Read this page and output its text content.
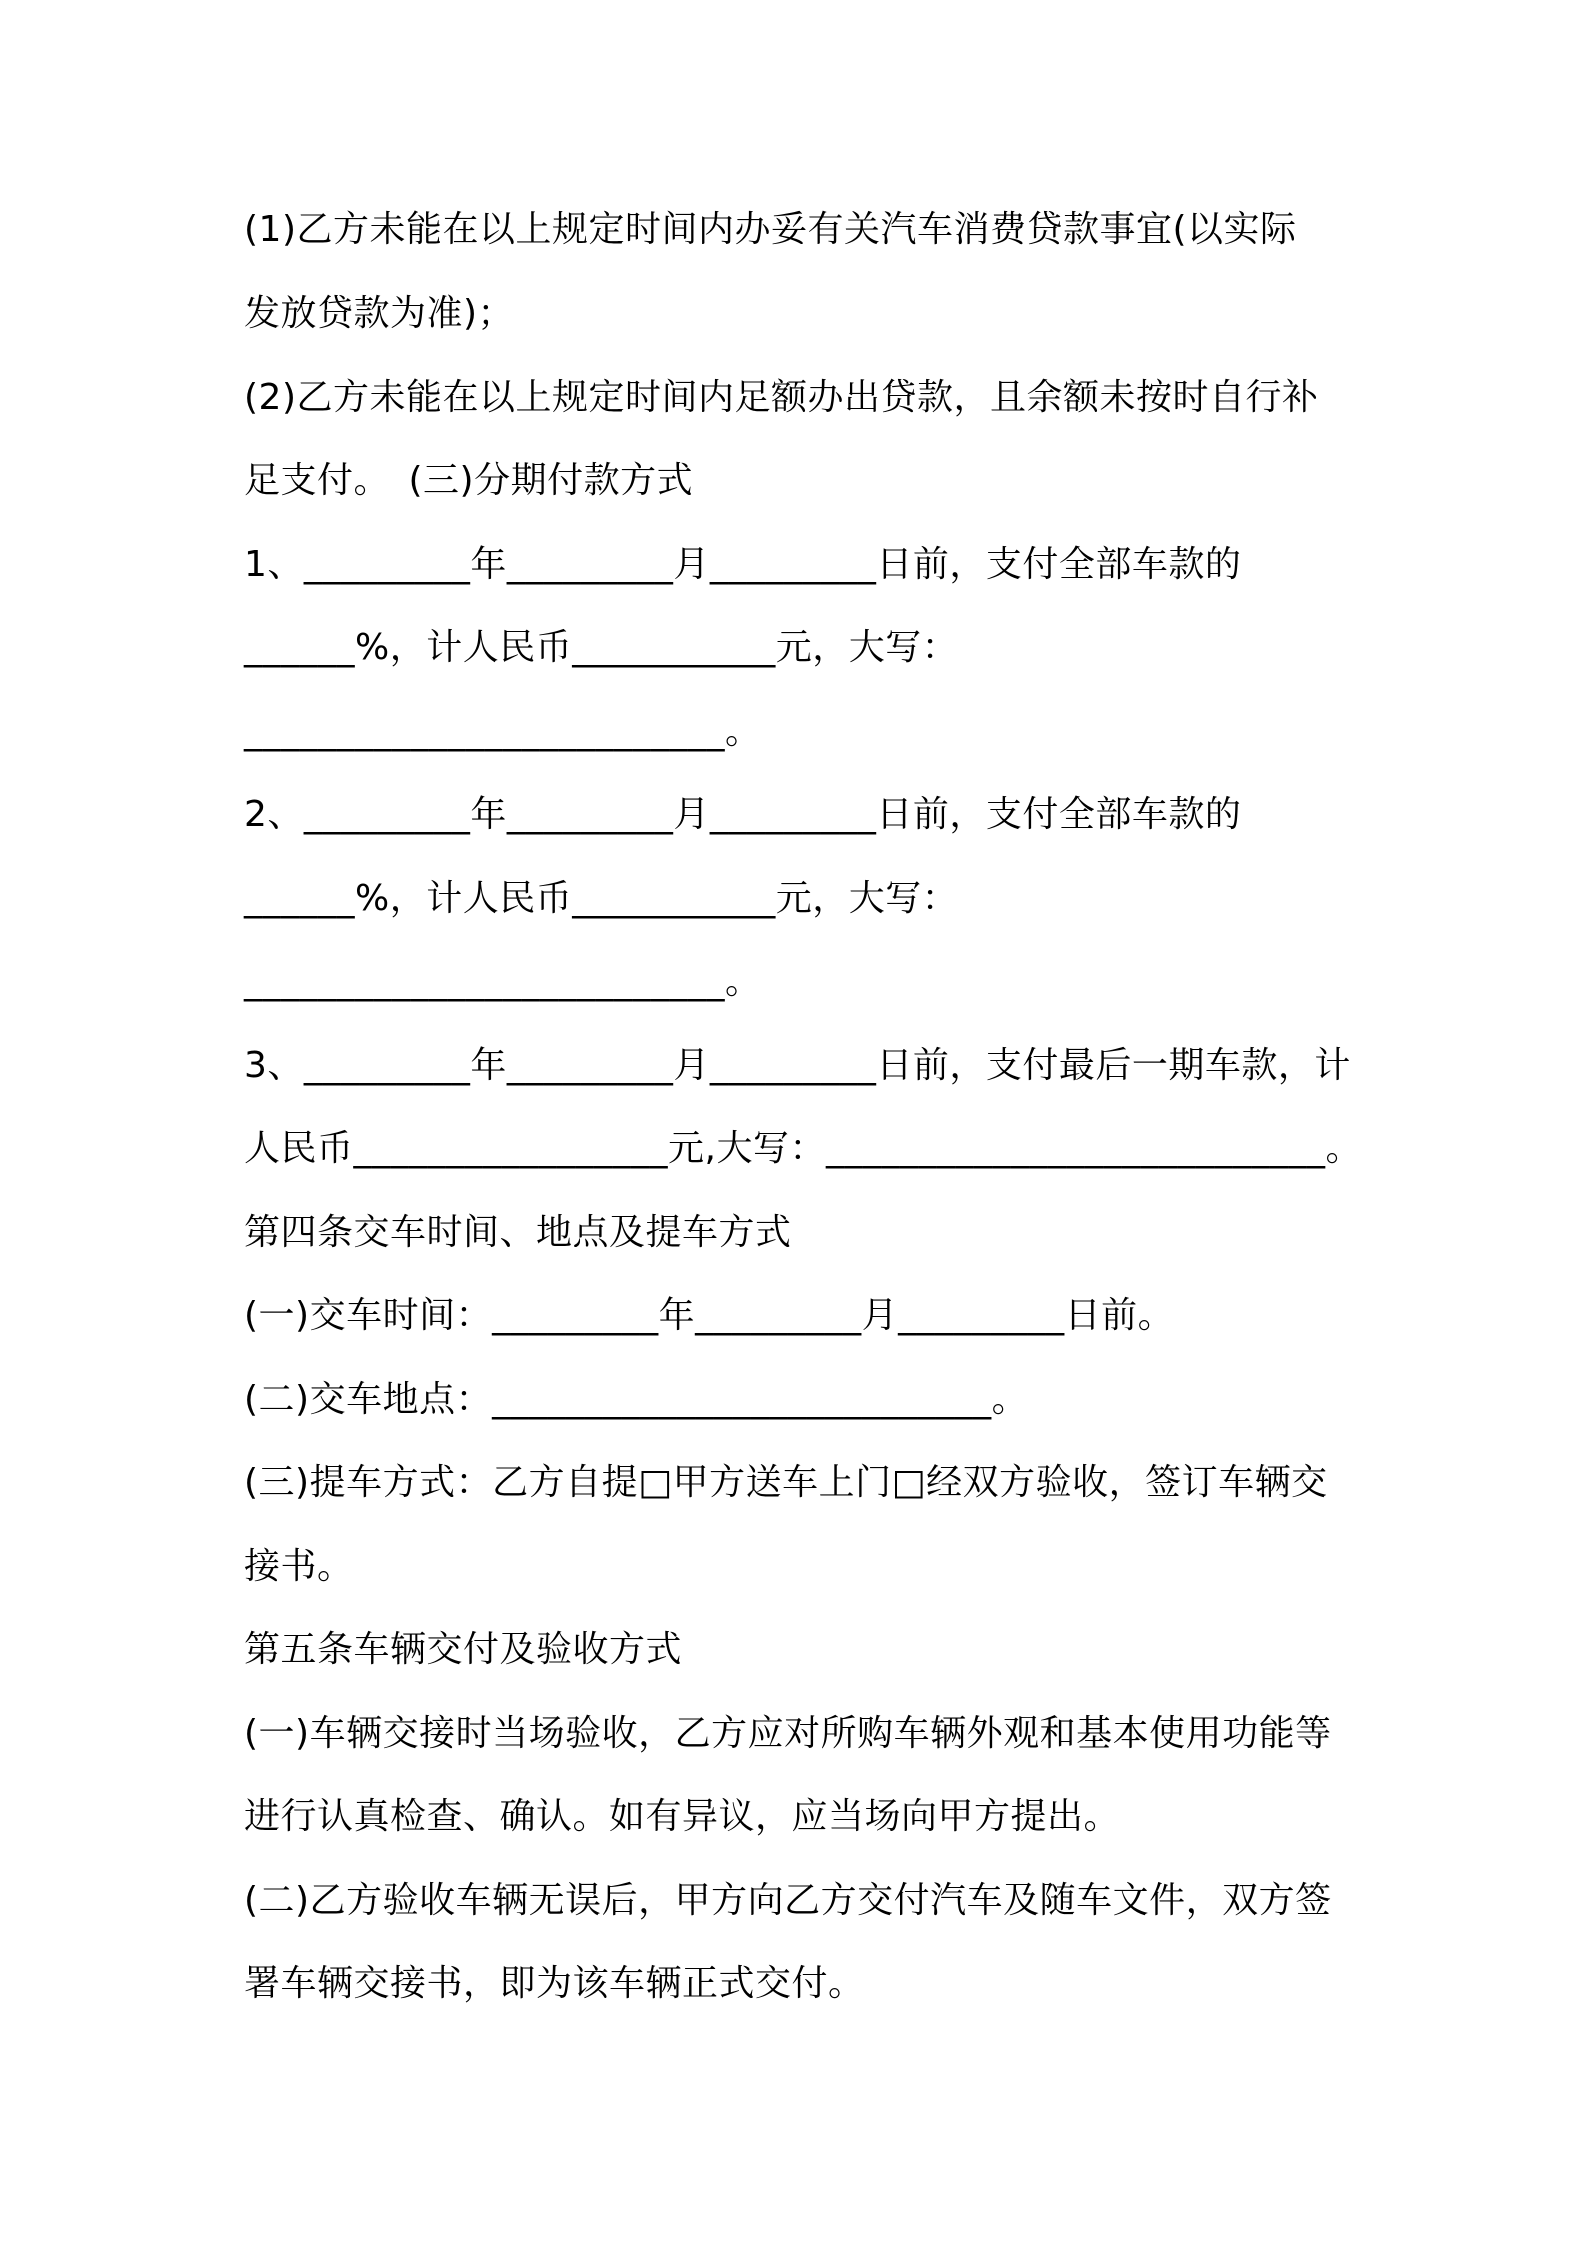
(1)乙方未能在以上规定时间内办妥有关汽车消费贷款事宜(以实际
发放贷款为准)；
(2)乙方未能在以上规定时间内足额办出贷款，且余额未按时自行补
足支付。　(三)分期付款方式
1、_________年_________月_________日前，支付全部车款的
______%，计人民币___________元，大写：
__________________________。
2、_________年_________月_________日前，支付全部车款的
______%，计人民币___________元，大写：
__________________________。
3、_________年_________月_________日前，支付最后一期车款，计
人民币_________________元,大写：___________________________。
第四条交车时间、地点及提车方式
(一)交车时间：_________年_________月_________日前。
(二)交车地点：___________________________。
(三)提车方式：乙方自提□甲方送车上门□经双方验收，签订车辆交
接书。
第五条车辆交付及验收方式
(一)车辆交接时当场验收，乙方应对所购车辆外观和基本使用功能等
进行认真检查、确认。如有异议，应当场向甲方提出。
(二)乙方验收车辆无误后，甲方向乙方交付汽车及随车文件，双方签
署车辆交接书，即为该车辆正式交付。
